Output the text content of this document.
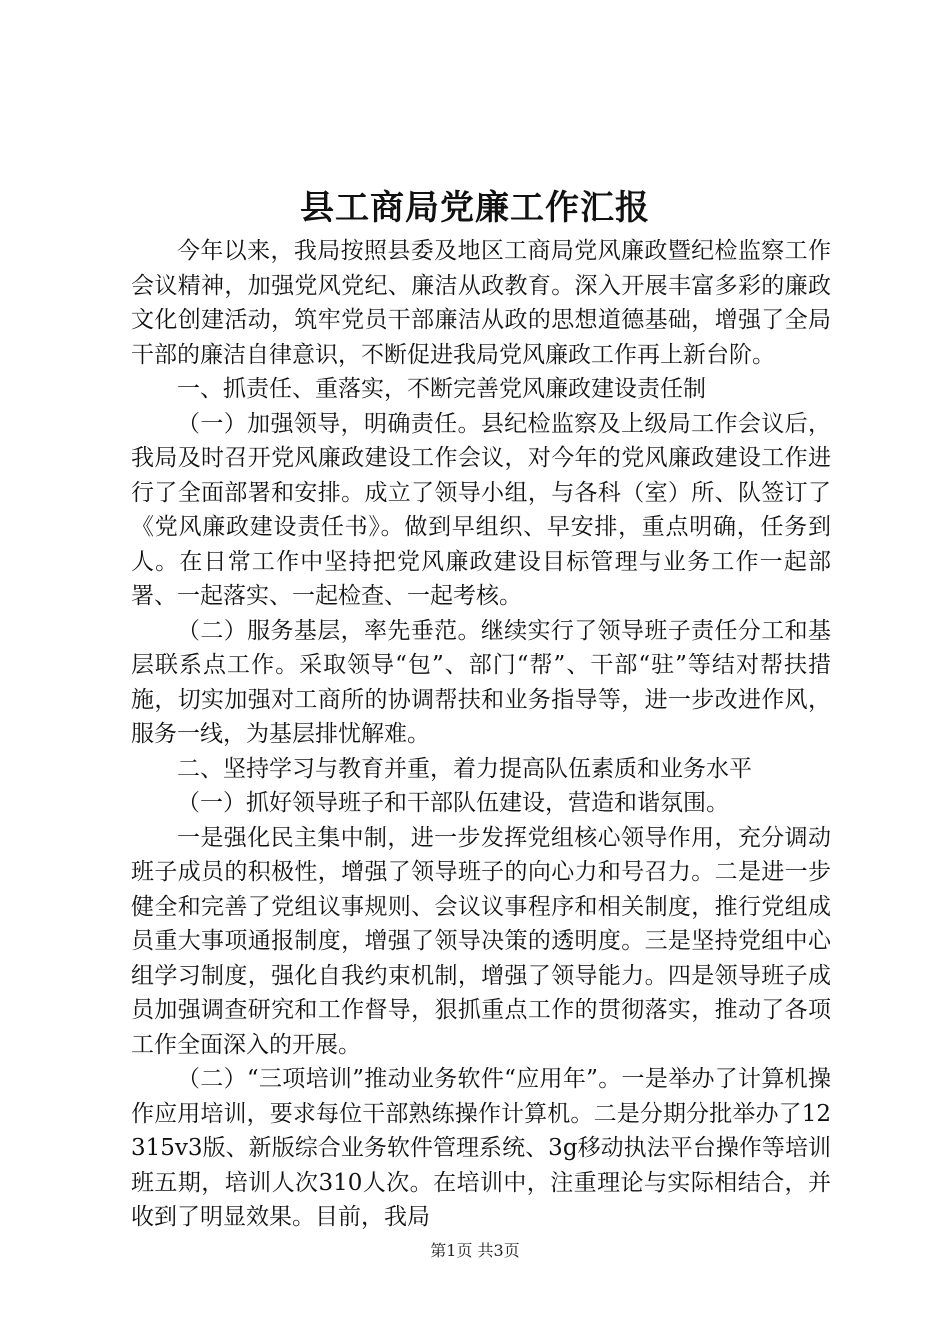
县工商局党廉工作汇报

今年以来，我局按照县委及地区工商局党风廉政暨纪检监察工作会议精神，加强党风党纪、廉洁从政教育。深入开展丰富多彩的廉政文化创建活动，筑牢党员干部廉洁从政的思想道德基础，增强了全局干部的廉洁自律意识，不断促进我局党风廉政工作再上新台阶。

一、抓责任、重落实，不断完善党风廉政建设责任制

（一）加强领导，明确责任。县纪检监察及上级局工作会议后，我局及时召开党风廉政建设工作会议，对今年的党风廉政建设工作进行了全面部署和安排。成立了领导小组，与各科（室）所、队签订了《党风廉政建设责任书》。做到早组织、早安排，重点明确，任务到人。在日常工作中坚持把党风廉政建设目标管理与业务工作一起部署、一起落实、一起检查、一起考核。

（二）服务基层，率先垂范。继续实行了领导班子责任分工和基层联系点工作。采取领导“包”、部门“帮”、干部“驻”等结对帮扶措施，切实加强对工商所的协调帮扶和业务指导等，进一步改进作风，服务一线，为基层排忧解难。

二、坚持学习与教育并重，着力提高队伍素质和业务水平

（一）抓好领导班子和干部队伍建设，营造和谐氛围。

一是强化民主集中制，进一步发挥党组核心领导作用，充分调动班子成员的积极性，增强了领导班子的向心力和号召力。二是进一步健全和完善了党组议事规则、会议议事程序和相关制度，推行党组成员重大事项通报制度，增强了领导决策的透明度。三是坚持党组中心组学习制度，强化自我约束机制，增强了领导能力。四是领导班子成员加强调查研究和工作督导，狠抓重点工作的贯彻落实，推动了各项工作全面深入的开展。

（二）“三项培训”推动业务软件“应用年”。一是举办了计算机操作应用培训，要求每位干部熟练操作计算机。二是分期分批举办了12315v3版、新版综合业务软件管理系统、3g移动执法平台操作等培训班五期，培训人次310人次。在培训中，注重理论与实际相结合，并收到了明显效果。目前，我局

第1页 共3页
